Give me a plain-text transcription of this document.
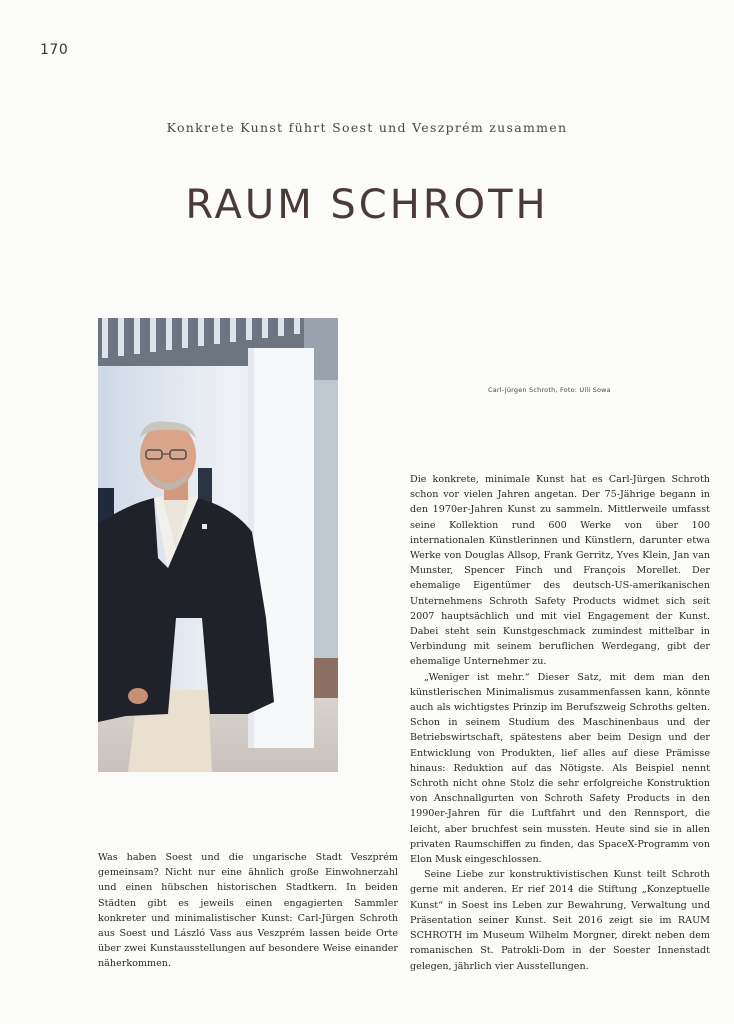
170
Konkrete Kunst führt Soest und Veszprém zusammen
RAUM SCHROTH
Carl-Jürgen Schroth, Foto: Ulli Sowa

Die konkrete, minimale Kunst hat es Carl-Jürgen Schroth schon vor vielen Jahren angetan. Der 75-Jährige begann in den 1970er-Jahren Kunst zu sammeln. Mittlerweile umfasst seine Kollektion rund 600 Werke von über 100 internationalen Künstlerinnen und Künstlern, darunter etwa Werke von Douglas Allsop, Frank Gerritz, Yves Klein, Jan van Munster, Spencer Finch und François Morellet. Der ehemalige Eigentümer des deutsch-US-amerikanischen Unternehmens Schroth Safety Products widmet sich seit 2007 hauptsächlich und mit viel Engagement der Kunst. Dabei steht sein Kunstgeschmack zumindest mittelbar in Verbindung mit seinem beruflichen Werdegang, gibt der ehemalige Unternehmer zu.

„Weniger ist mehr.“ Dieser Satz, mit dem man den künstlerischen Minimalismus zusammenfassen kann, könnte auch als wichtigstes Prinzip im Berufszweig Schroths gelten. Schon in seinem Studium des Maschinenbaus und der Betriebswirtschaft, spätestens aber beim Design und der Entwicklung von Produkten, lief alles auf diese Prämisse hinaus: Reduktion auf das Nötigste. Als Beispiel nennt Schroth nicht ohne Stolz die sehr erfolgreiche Konstruktion von Anschnallgurten von Schroth Safety Products in den 1990er-Jahren für die Luftfahrt und den Rennsport, die leicht, aber bruchfest sein mussten. Heute sind sie in allen privaten Raumschiffen zu finden, das SpaceX-Programm von Elon Musk eingeschlossen.

Seine Liebe zur konstruktivistischen Kunst teilt Schroth gerne mit anderen. Er rief 2014 die Stiftung „Konzeptuelle Kunst“ in Soest ins Leben zur Bewahrung, Verwaltung und Präsentation seiner Kunst. Seit 2016 zeigt sie im RAUM SCHROTH im Museum Wilhelm Morgner, direkt neben dem romanischen St. Patrokli-Dom in der Soester Innenstadt gelegen, jährlich vier Ausstellungen.

Was haben Soest und die ungarische Stadt Veszprém gemeinsam? Nicht nur eine ähnlich große Einwohnerzahl und einen hübschen historischen Stadtkern. In beiden Städten gibt es jeweils einen engagierten Sammler konkreter und minimalistischer Kunst: Carl-Jürgen Schroth aus Soest und László Vass aus Veszprém lassen beide Orte über zwei Kunstausstellungen auf besondere Weise einander näherkommen.
